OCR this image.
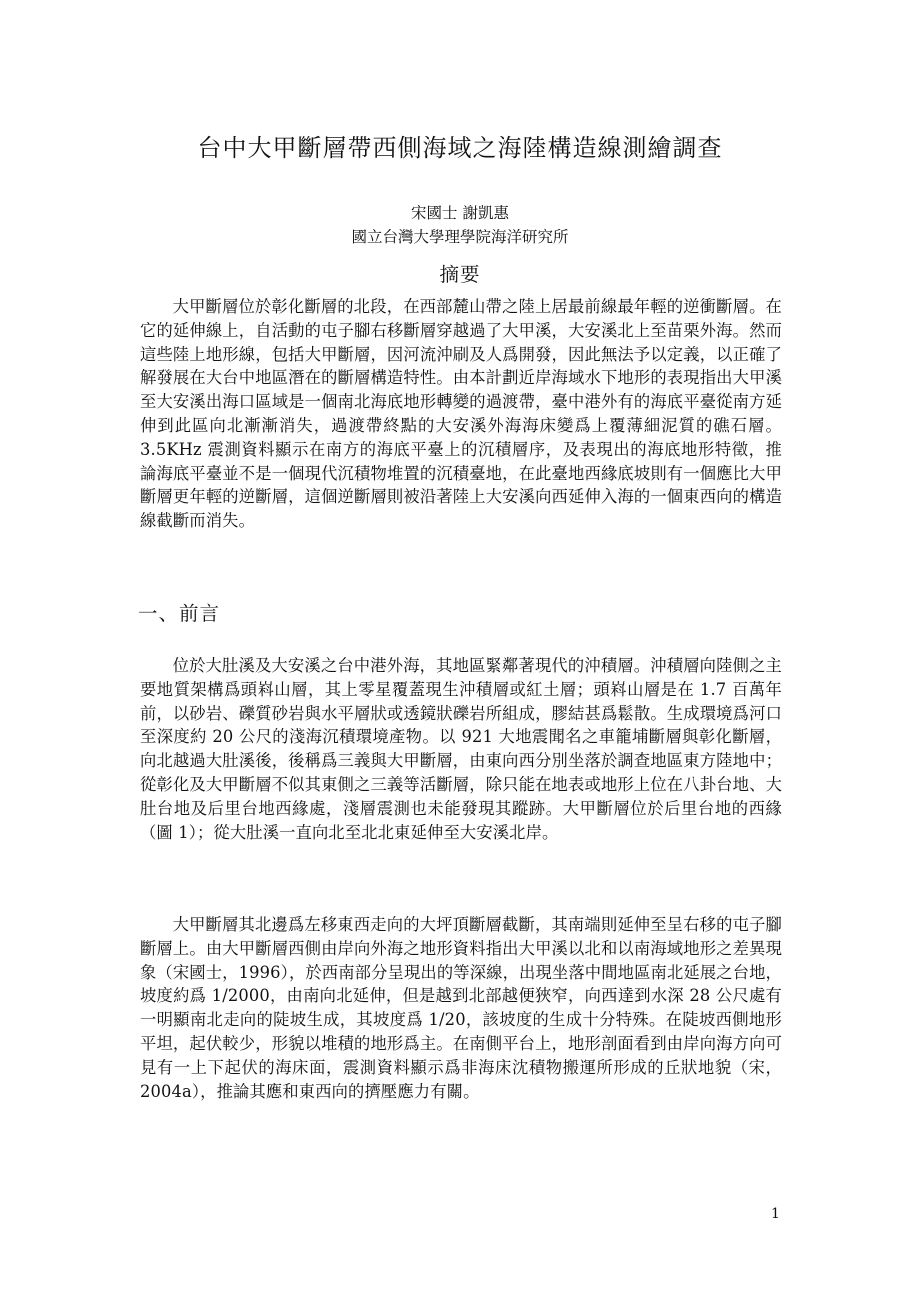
台中大甲斷層帶西側海域之海陸構造線測繪調查
宋國士 謝凱惠
國立台灣大學理學院海洋研究所
摘要

大甲斷層位於彰化斷層的北段，在西部麓山帶之陸上居最前線最年輕的逆衝斷層。在它的延伸線上，自活動的屯子腳右移斷層穿越過了大甲溪，大安溪北上至苗栗外海。然而這些陸上地形線，包括大甲斷層，因河流沖刷及人爲開發，因此無法予以定義，以正確了解發展在大台中地區潛在的斷層構造特性。由本計劃近岸海域水下地形的表現指出大甲溪至大安溪出海口區域是一個南北海底地形轉變的過渡帶，臺中港外有的海底平臺從南方延伸到此區向北漸漸消失，過渡帶終點的大安溪外海海床變爲上覆薄細泥質的礁石層。3.5KHz 震測資料顯示在南方的海底平臺上的沉積層序，及表現出的海底地形特徵，推論海底平臺並不是一個現代沉積物堆置的沉積臺地，在此臺地西緣底坡則有一個應比大甲斷層更年輕的逆斷層，這個逆斷層則被沿著陸上大安溪向西延伸入海的一個東西向的構造線截斷而消失。

一、前言

位於大肚溪及大安溪之台中港外海，其地區緊鄰著現代的沖積層。沖積層向陸側之主要地質架構爲頭嵙山層，其上零星覆蓋現生沖積層或紅土層；頭嵙山層是在 1.7 百萬年前，以砂岩、礫質砂岩與水平層狀或透鏡狀礫岩所組成，膠結甚爲鬆散。生成環境爲河口至深度約 20 公尺的淺海沉積環境產物。以 921 大地震聞名之車籠埔斷層與彰化斷層，向北越過大肚溪後，後稱爲三義與大甲斷層，由東向西分別坐落於調查地區東方陸地中；從彰化及大甲斷層不似其東側之三義等活斷層，除只能在地表或地形上位在八卦台地、大肚台地及后里台地西緣處，淺層震測也未能發現其蹤跡。大甲斷層位於后里台地的西緣（圖 1）；從大肚溪一直向北至北北東延伸至大安溪北岸。

大甲斷層其北邊爲左移東西走向的大坪頂斷層截斷，其南端則延伸至呈右移的屯子腳斷層上。由大甲斷層西側由岸向外海之地形資料指出大甲溪以北和以南海域地形之差異現象（宋國士，1996），於西南部分呈現出的等深線，出現坐落中間地區南北延展之台地，坡度約爲 1/2000，由南向北延伸，但是越到北部越便狹窄，向西達到水深 28 公尺處有一明顯南北走向的陡坡生成，其坡度爲 1/20，該坡度的生成十分特殊。在陡坡西側地形平坦，起伏較少，形貌以堆積的地形爲主。在南側平台上，地形剖面看到由岸向海方向可見有一上下起伏的海床面，震測資料顯示爲非海床沈積物搬運所形成的丘狀地貌（宋，2004a），推論其應和東西向的擠壓應力有關。

1
